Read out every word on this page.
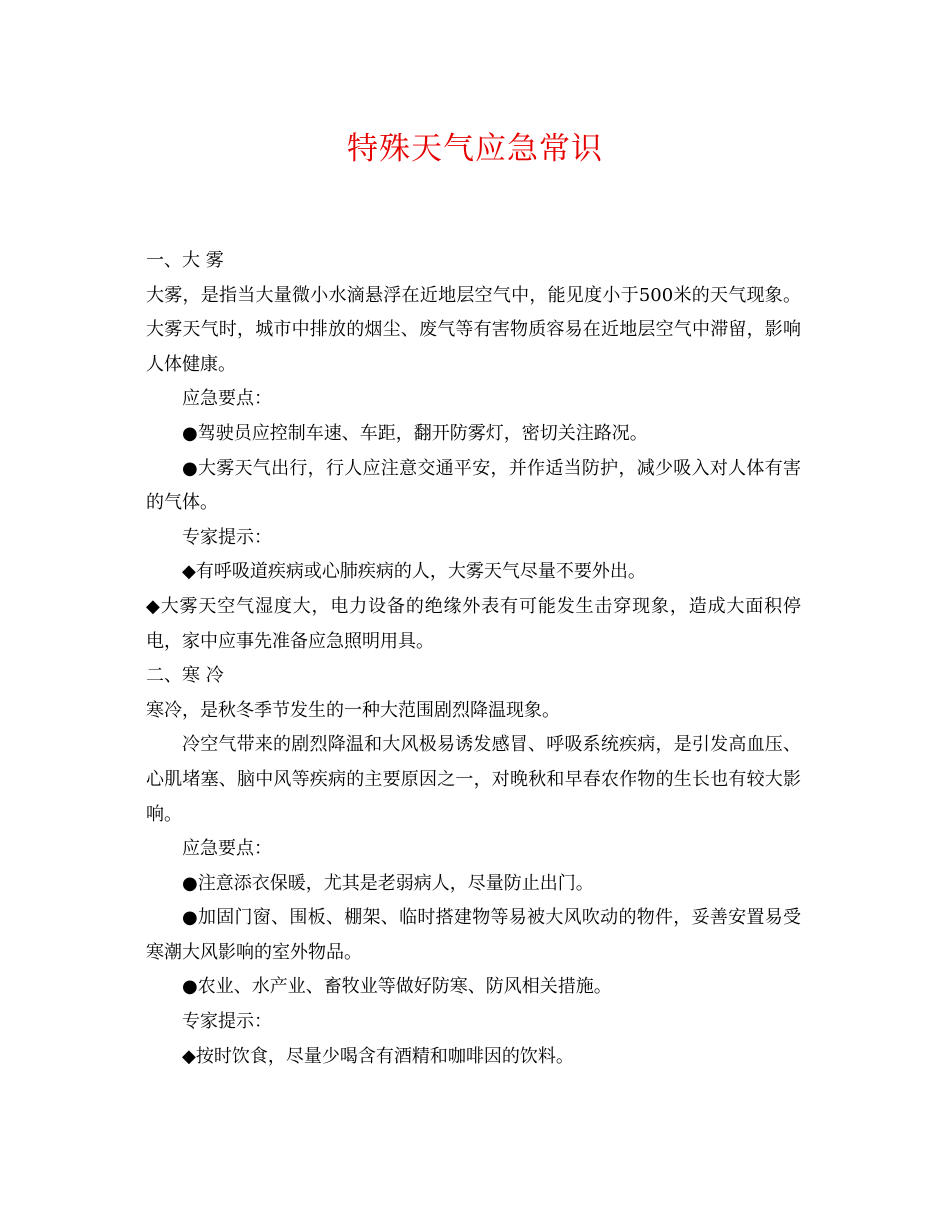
特殊天气应急常识

一、大 雾

大雾，是指当大量微小水滴悬浮在近地层空气中，能见度小于500米的天气现象。大雾天气时，城市中排放的烟尘、废气等有害物质容易在近地层空气中滞留，影响人体健康。

应急要点：

●驾驶员应控制车速、车距，翻开防雾灯，密切关注路况。

●大雾天气出行，行人应注意交通平安，并作适当防护，减少吸入对人体有害的气体。

专家提示：

◆有呼吸道疾病或心肺疾病的人，大雾天气尽量不要外出。

◆大雾天空气湿度大，电力设备的绝缘外表有可能发生击穿现象，造成大面积停电，家中应事先准备应急照明用具。

二、寒 冷

寒冷，是秋冬季节发生的一种大范围剧烈降温现象。

冷空气带来的剧烈降温和大风极易诱发感冒、呼吸系统疾病，是引发高血压、心肌堵塞、脑中风等疾病的主要原因之一，对晚秋和早春农作物的生长也有较大影响。

应急要点：

●注意添衣保暖，尤其是老弱病人，尽量防止出门。

●加固门窗、围板、棚架、临时搭建物等易被大风吹动的物件，妥善安置易受寒潮大风影响的室外物品。

●农业、水产业、畜牧业等做好防寒、防风相关措施。

专家提示：

◆按时饮食，尽量少喝含有酒精和咖啡因的饮料。
